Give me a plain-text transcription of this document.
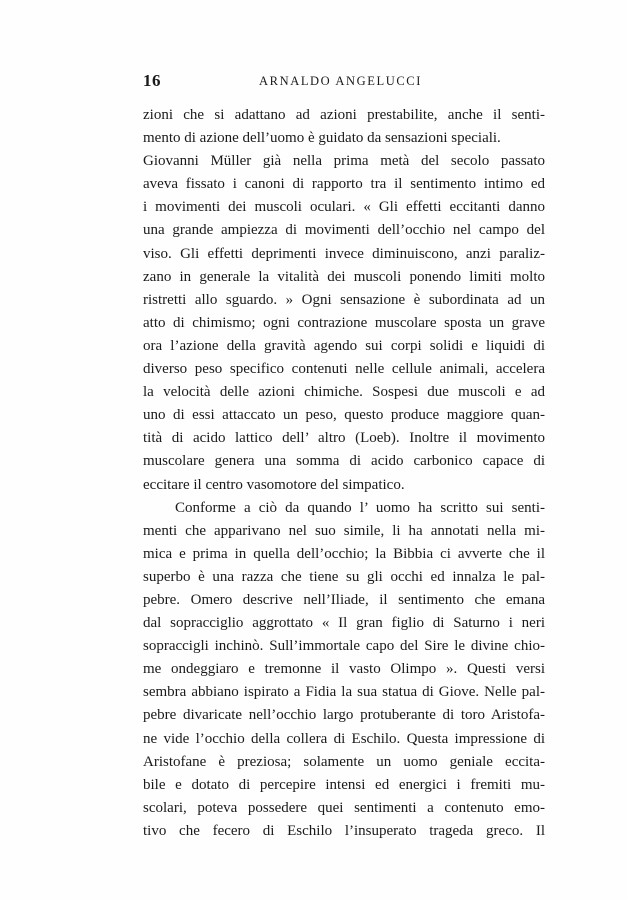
16	ARNALDO ANGELUCCI
zioni che si adattano ad azioni prestabilite, anche il senti-
mento di azione dell’uomo è guidato da sensazioni speciali.
Giovanni Müller già nella prima metà del secolo passato
aveva fissato i canoni di rapporto tra il sentimento intimo ed
i movimenti dei muscoli oculari. « Gli effetti eccitanti danno
una grande ampiezza di movimenti dell’occhio nel campo del
viso. Gli effetti deprimenti invece diminuiscono, anzi paraliz-
zano in generale la vitalità dei muscoli ponendo limiti molto
ristretti allo sguardo. » Ogni sensazione è subordinata ad un
atto di chimismo; ogni contrazione muscolare sposta un grave
ora l’azione della gravità agendo sui corpi solidi e liquidi di
diverso peso specifico contenuti nelle cellule animali, accelera
la velocità delle azioni chimiche. Sospesi due muscoli e ad
uno di essi attaccato un peso, questo produce maggiore quan-
tità di acido lattico dell’ altro (Loeb). Inoltre il movimento
muscolare genera una somma di acido carbonico capace di
eccitare il centro vasomotore del simpatico.
Conforme a ciò da quando l’ uomo ha scritto sui senti-
menti che apparivano nel suo simile, li ha annotati nella mi-
mica e prima in quella dell’occhio; la Bibbia ci avverte che il
superbo è una razza che tiene su gli occhi ed innalza le pal-
pebre. Omero descrive nell’Iliade, il sentimento che emana
dal sopracciglio aggrottato « Il gran figlio di Saturno i neri
sopraccigli inchinò. Sull’immortale capo del Sire le divine chio-
me ondeggiaro e tremonne il vasto Olimpo ». Questi versi
sembra abbiano ispirato a Fidia la sua statua di Giove. Nelle pal-
pebre divaricate nell’occhio largo protuberante di toro Aristofa-
ne vide l’occhio della collera di Eschilo. Questa impressione di
Aristofane è preziosa; solamente un uomo geniale eccita-
bile e dotato di percepire intensi ed energici i fremiti mu-
scolari, poteva possedere quei sentimenti a contenuto emo-
tivo che fecero di Eschilo l’insuperato trageda greco. Il
